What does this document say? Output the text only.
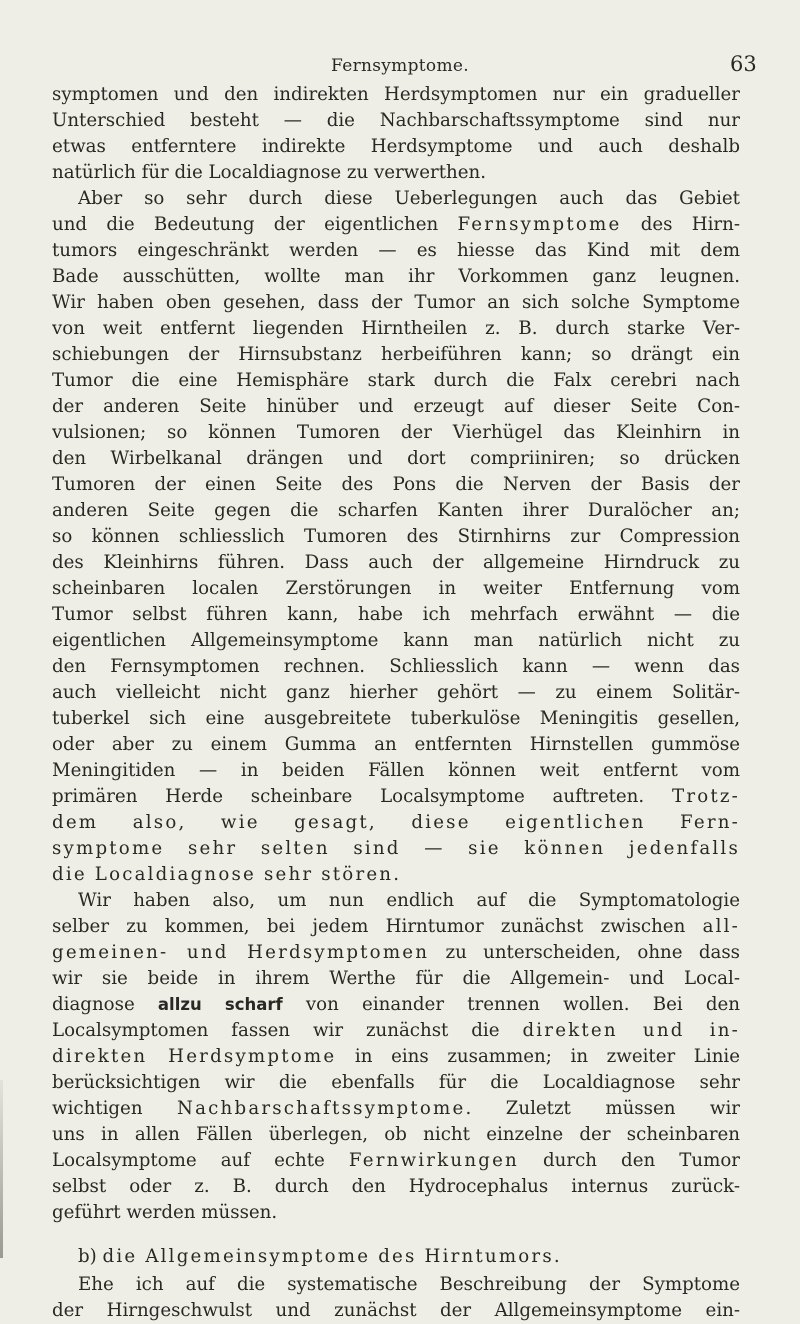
Fernsymptome.	63
symptomen und den indirekten Herdsymptomen nur ein gradueller
Unterschied besteht — die Nachbarschaftssymptome sind nur
etwas entferntere indirekte Herdsymptome und auch deshalb
natürlich für die Localdiagnose zu verwerthen.
Aber so sehr durch diese Ueberlegungen auch das Gebiet
und die Bedeutung der eigentlichen Fernsymptome des Hirn-
tumors eingeschränkt werden — es hiesse das Kind mit dem
Bade ausschütten, wollte man ihr Vorkommen ganz leugnen.
Wir haben oben gesehen, dass der Tumor an sich solche Symptome
von weit entfernt liegenden Hirntheilen z. B. durch starke Ver-
schiebungen der Hirnsubstanz herbeiführen kann; so drängt ein
Tumor die eine Hemisphäre stark durch die Falx cerebri nach
der anderen Seite hinüber und erzeugt auf dieser Seite Con-
vulsionen; so können Tumoren der Vierhügel das Kleinhirn in
den Wirbelkanal drängen und dort compriiniren; so drücken
Tumoren der einen Seite des Pons die Nerven der Basis der
anderen Seite gegen die scharfen Kanten ihrer Duralöcher an;
so können schliesslich Tumoren des Stirnhirns zur Compression
des Kleinhirns führen. Dass auch der allgemeine Hirndruck zu
scheinbaren localen Zerstörungen in weiter Entfernung vom
Tumor selbst führen kann, habe ich mehrfach erwähnt — die
eigentlichen Allgemeinsymptome kann man natürlich nicht zu
den Fernsymptomen rechnen. Schliesslich kann — wenn das
auch vielleicht nicht ganz hierher gehört — zu einem Solitär-
tuberkel sich eine ausgebreitete tuberkulöse Meningitis gesellen,
oder aber zu einem Gumma an entfernten Hirnstellen gummöse
Meningitiden — in beiden Fällen können weit entfernt vom
primären Herde scheinbare Localsymptome auftreten. Trotz-
dem also, wie gesagt, diese eigentlichen Fern-
symptome sehr selten sind — sie können jedenfalls
die Localdiagnose sehr stören.
Wir haben also, um nun endlich auf die Symptomatologie
selber zu kommen, bei jedem Hirntumor zunächst zwischen all-
gemeinen- und Herdsymptomen zu unterscheiden, ohne dass
wir sie beide in ihrem Werthe für die Allgemein- und Local-
diagnose allzu scharf von einander trennen wollen. Bei den
Localsymptomen fassen wir zunächst die direkten und in-
direkten Herdsymptome in eins zusammen; in zweiter Linie
berücksichtigen wir die ebenfalls für die Localdiagnose sehr
wichtigen Nachbarschaftssymptome. Zuletzt müssen wir
uns in allen Fällen überlegen, ob nicht einzelne der scheinbaren
Localsymptome auf echte Fernwirkungen durch den Tumor
selbst oder z. B. durch den Hydrocephalus internus zurück-
geführt werden müssen.
b) die Allgemeinsymptome des Hirntumors.
Ehe ich auf die systematische Beschreibung der Symptome
der Hirngeschwulst und zunächst der Allgemeinsymptome ein-
